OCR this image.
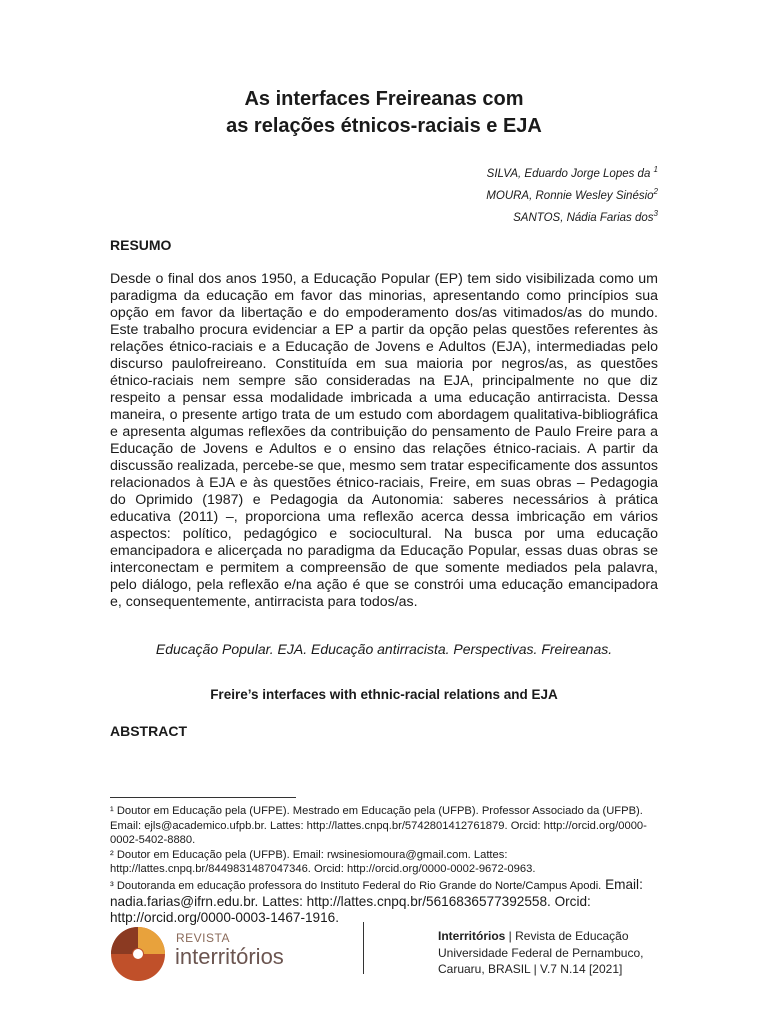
As interfaces Freireanas com
as relações étnicos-raciais e EJA
SILVA, Eduardo Jorge Lopes da $^1$
MOURA, Ronnie Wesley Sinésio$^2$
SANTOS, Nádia Farias dos$^3$
RESUMO
Desde o final dos anos 1950, a Educação Popular (EP) tem sido visibilizada como um paradigma da educação em favor das minorias, apresentando como princípios sua opção em favor da libertação e do empoderamento dos/as vitimados/as do mundo. Este trabalho procura evidenciar a EP a partir da opção pelas questões referentes às relações étnico-raciais e a Educação de Jovens e Adultos (EJA), intermediadas pelo discurso paulofreireano. Constituída em sua maioria por negros/as, as questões étnico-raciais nem sempre são consideradas na EJA, principalmente no que diz respeito a pensar essa modalidade imbricada a uma educação antirracista. Dessa maneira, o presente artigo trata de um estudo com abordagem qualitativa-bibliográfica e apresenta algumas reflexões da contribuição do pensamento de Paulo Freire para a Educação de Jovens e Adultos e o ensino das relações étnico-raciais. A partir da discussão realizada, percebe-se que, mesmo sem tratar especificamente dos assuntos relacionados à EJA e às questões étnico-raciais, Freire, em suas obras – Pedagogia do Oprimido (1987) e Pedagogia da Autonomia: saberes necessários à prática educativa (2011) –, proporciona uma reflexão acerca dessa imbricação em vários aspectos: político, pedagógico e sociocultural. Na busca por uma educação emancipadora e alicerçada no paradigma da Educação Popular, essas duas obras se interconectam e permitem a compreensão de que somente mediados pela palavra, pelo diálogo, pela reflexão e/na ação é que se constrói uma educação emancipadora e, consequentemente, antirracista para todos/as.
Educação Popular. EJA. Educação antirracista. Perspectivas. Freireanas.
Freire’s interfaces with ethnic-racial relations and EJA
ABSTRACT

¹ Doutor em Educação pela (UFPE). Mestrado em Educação pela (UFPB). Professor Associado da (UFPB). Email: ejls@academico.ufpb.br. Lattes: http://lattes.cnpq.br/5742801412761879. Orcid: http://orcid.org/0000-0002-5402-8880.

² Doutor em Educação pela (UFPB). Email: rwsinesiomoura@gmail.com. Lattes: http://lattes.cnpq.br/8449831487047346. Orcid: http://orcid.org/0000-0002-9672-0963.

³ Doutoranda em educação professora do Instituto Federal do Rio Grande do Norte/Campus Apodi. Email: nadia.farias@ifrn.edu.br. Lattes: http://lattes.cnpq.br/5616836577392558. Orcid: http://orcid.org/0000-0003-1467-1916.

REVISTA
interritórios
Interritórios | Revista de Educação
Universidade Federal de Pernambuco,
Caruaru, BRASIL | V.7 N.14 [2021]
